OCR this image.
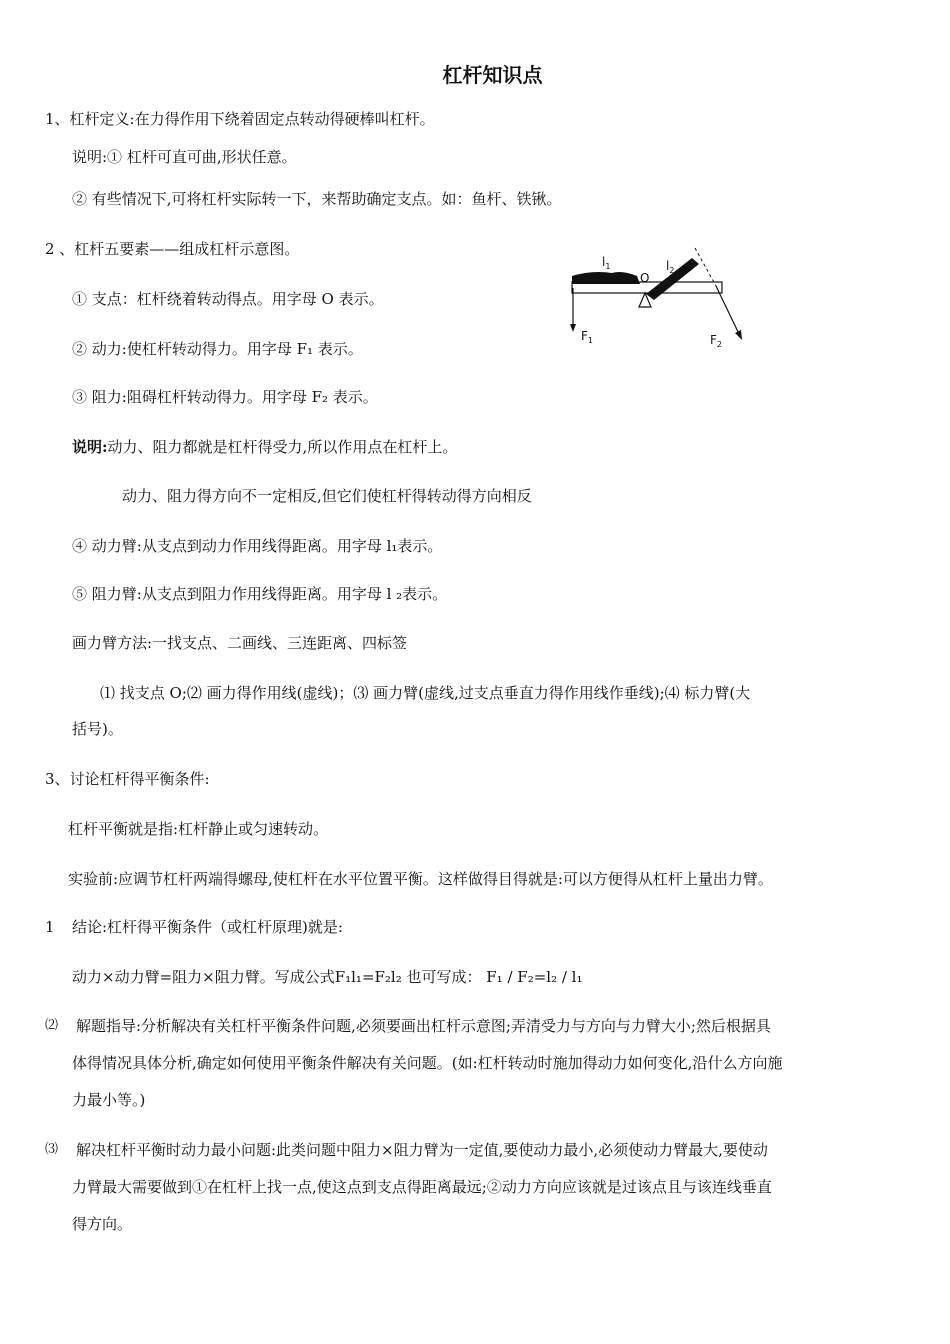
杠杆知识点
1、杠杆定义:在力得作用下绕着固定点转动得硬棒叫杠杆。
说明:① 杠杆可直可曲,形状任意。
② 有些情况下,可将杠杆实际转一下，来帮助确定支点。如：鱼杆、铁锹。
2 、杠杆五要素——组成杠杆示意图。
① 支点：杠杆绕着转动得点。用字母 O 表示。
② 动力:使杠杆转动得力。用字母 F₁ 表示。
③ 阻力:阻碍杠杆转动得力。用字母 F₂ 表示。
说明:动力、阻力都就是杠杆得受力,所以作用点在杠杆上。
动力、阻力得方向不一定相反,但它们使杠杆得转动得方向相反
④ 动力臂:从支点到动力作用线得距离。用字母 l₁表示。
⑤ 阻力臂:从支点到阻力作用线得距离。用字母 l ₂表示。
画力臂方法:一找支点、二画线、三连距离、四标签
⑴ 找支点 O;⑵ 画力得作用线(虚线)；⑶ 画力臂(虚线,过支点垂直力得作用线作垂线);⑷ 标力臂(大
括号)。
3、讨论杠杆得平衡条件:
杠杆平衡就是指:杠杆静止或匀速转动。
实验前:应调节杠杆两端得螺母,使杠杆在水平位置平衡。这样做得目得就是:可以方便得从杠杆上量出力臂。
1 结论:杠杆得平衡条件（或杠杆原理)就是:
动力×动力臂=阻力×阻力臂。写成公式F₁l₁=F₂l₂ 也可写成： F₁ / F₂=l₂ / l₁
⑵ 解题指导:分析解决有关杠杆平衡条件问题,必须要画出杠杆示意图;弄清受力与方向与力臂大小;然后根据具
体得情况具体分析,确定如何使用平衡条件解决有关问题。(如:杠杆转动时施加得动力如何变化,沿什么方向施
力最小等。)
⑶ 解决杠杆平衡时动力最小问题:此类问题中阻力×阻力臂为一定值,要使动力最小,必须使动力臂最大,要使动
力臂最大需要做到①在杠杆上找一点,使这点到支点得距离最远;②动力方向应该就是过该点且与该连线垂直
得方向。
$l_1$
O
$l_2$
$F_1$	$F_2$
